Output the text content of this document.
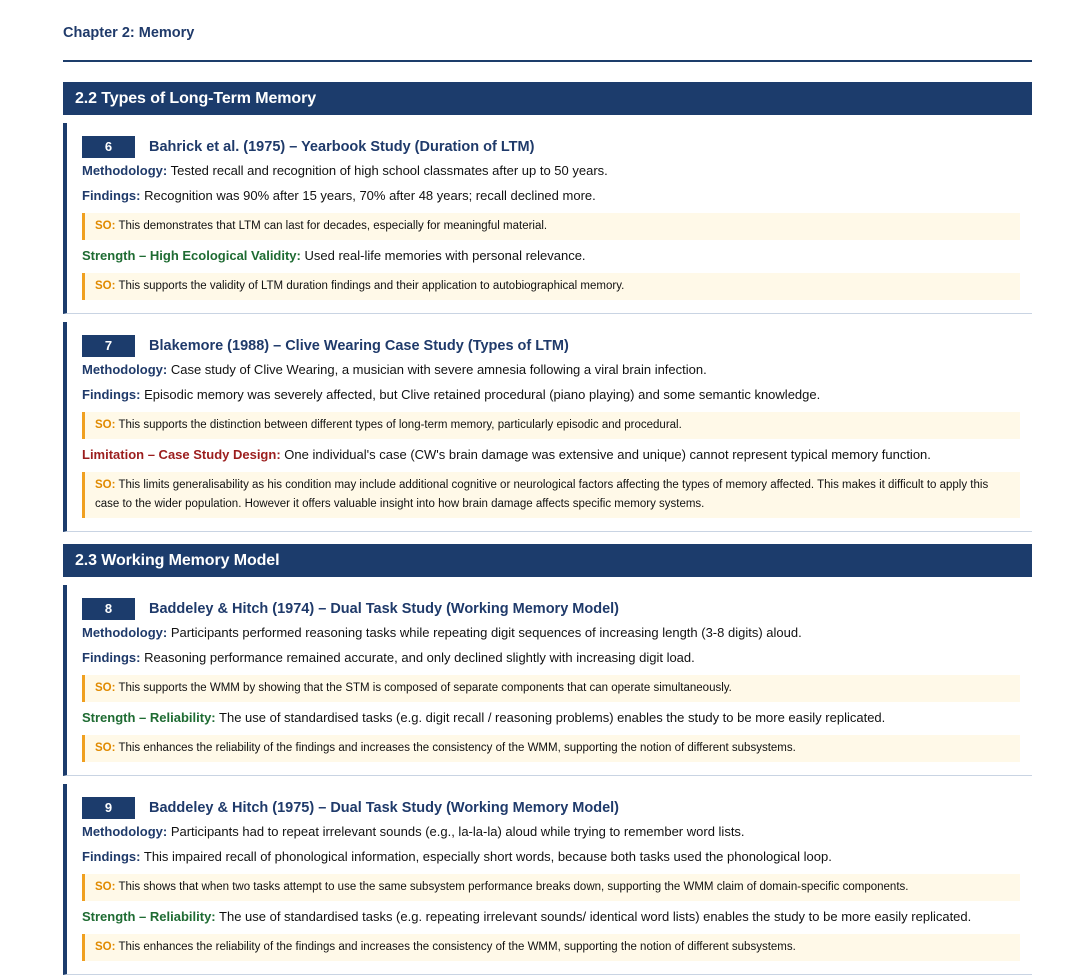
Chapter 2: Memory
2.2 Types of Long-Term Memory
6	Bahrick et al. (1975) – Yearbook Study (Duration of LTM)
Methodology: Tested recall and recognition of high school classmates after up to 50 years.
Findings: Recognition was 90% after 15 years, 70% after 48 years; recall declined more.
SO: This demonstrates that LTM can last for decades, especially for meaningful material.
Strength – High Ecological Validity: Used real-life memories with personal relevance.
SO: This supports the validity of LTM duration findings and their application to autobiographical memory.
7	Blakemore (1988) – Clive Wearing Case Study (Types of LTM)
Methodology: Case study of Clive Wearing, a musician with severe amnesia following a viral brain infection.
Findings: Episodic memory was severely affected, but Clive retained procedural (piano playing) and some semantic knowledge.
SO: This supports the distinction between different types of long-term memory, particularly episodic and procedural.
Limitation – Case Study Design: One individual's case (CW's brain damage was extensive and unique) cannot represent typical memory function.
SO: This limits generalisability as his condition may include additional cognitive or neurological factors affecting the types of memory affected. This makes it difficult to apply this case to the wider population. However it offers valuable insight into how brain damage affects specific memory systems.
2.3 Working Memory Model
8	Baddeley & Hitch (1974) – Dual Task Study (Working Memory Model)
Methodology: Participants performed reasoning tasks while repeating digit sequences of increasing length (3-8 digits) aloud.
Findings: Reasoning performance remained accurate, and only declined slightly with increasing digit load.
SO: This supports the WMM by showing that the STM is composed of separate components that can operate simultaneously.
Strength – Reliability: The use of standardised tasks (e.g. digit recall / reasoning problems) enables the study to be more easily replicated.
SO: This enhances the reliability of the findings and increases the consistency of the WMM, supporting the notion of different subsystems.
9	Baddeley & Hitch (1975) – Dual Task Study (Working Memory Model)
Methodology: Participants had to repeat irrelevant sounds (e.g., la-la-la) aloud while trying to remember word lists.
Findings: This impaired recall of phonological information, especially short words, because both tasks used the phonological loop.
SO: This shows that when two tasks attempt to use the same subsystem performance breaks down, supporting the WMM claim of domain-specific components.
Strength – Reliability: The use of standardised tasks (e.g. repeating irrelevant sounds/ identical word lists) enables the study to be more easily replicated.
SO: This enhances the reliability of the findings and increases the consistency of the WMM, supporting the notion of different subsystems.
